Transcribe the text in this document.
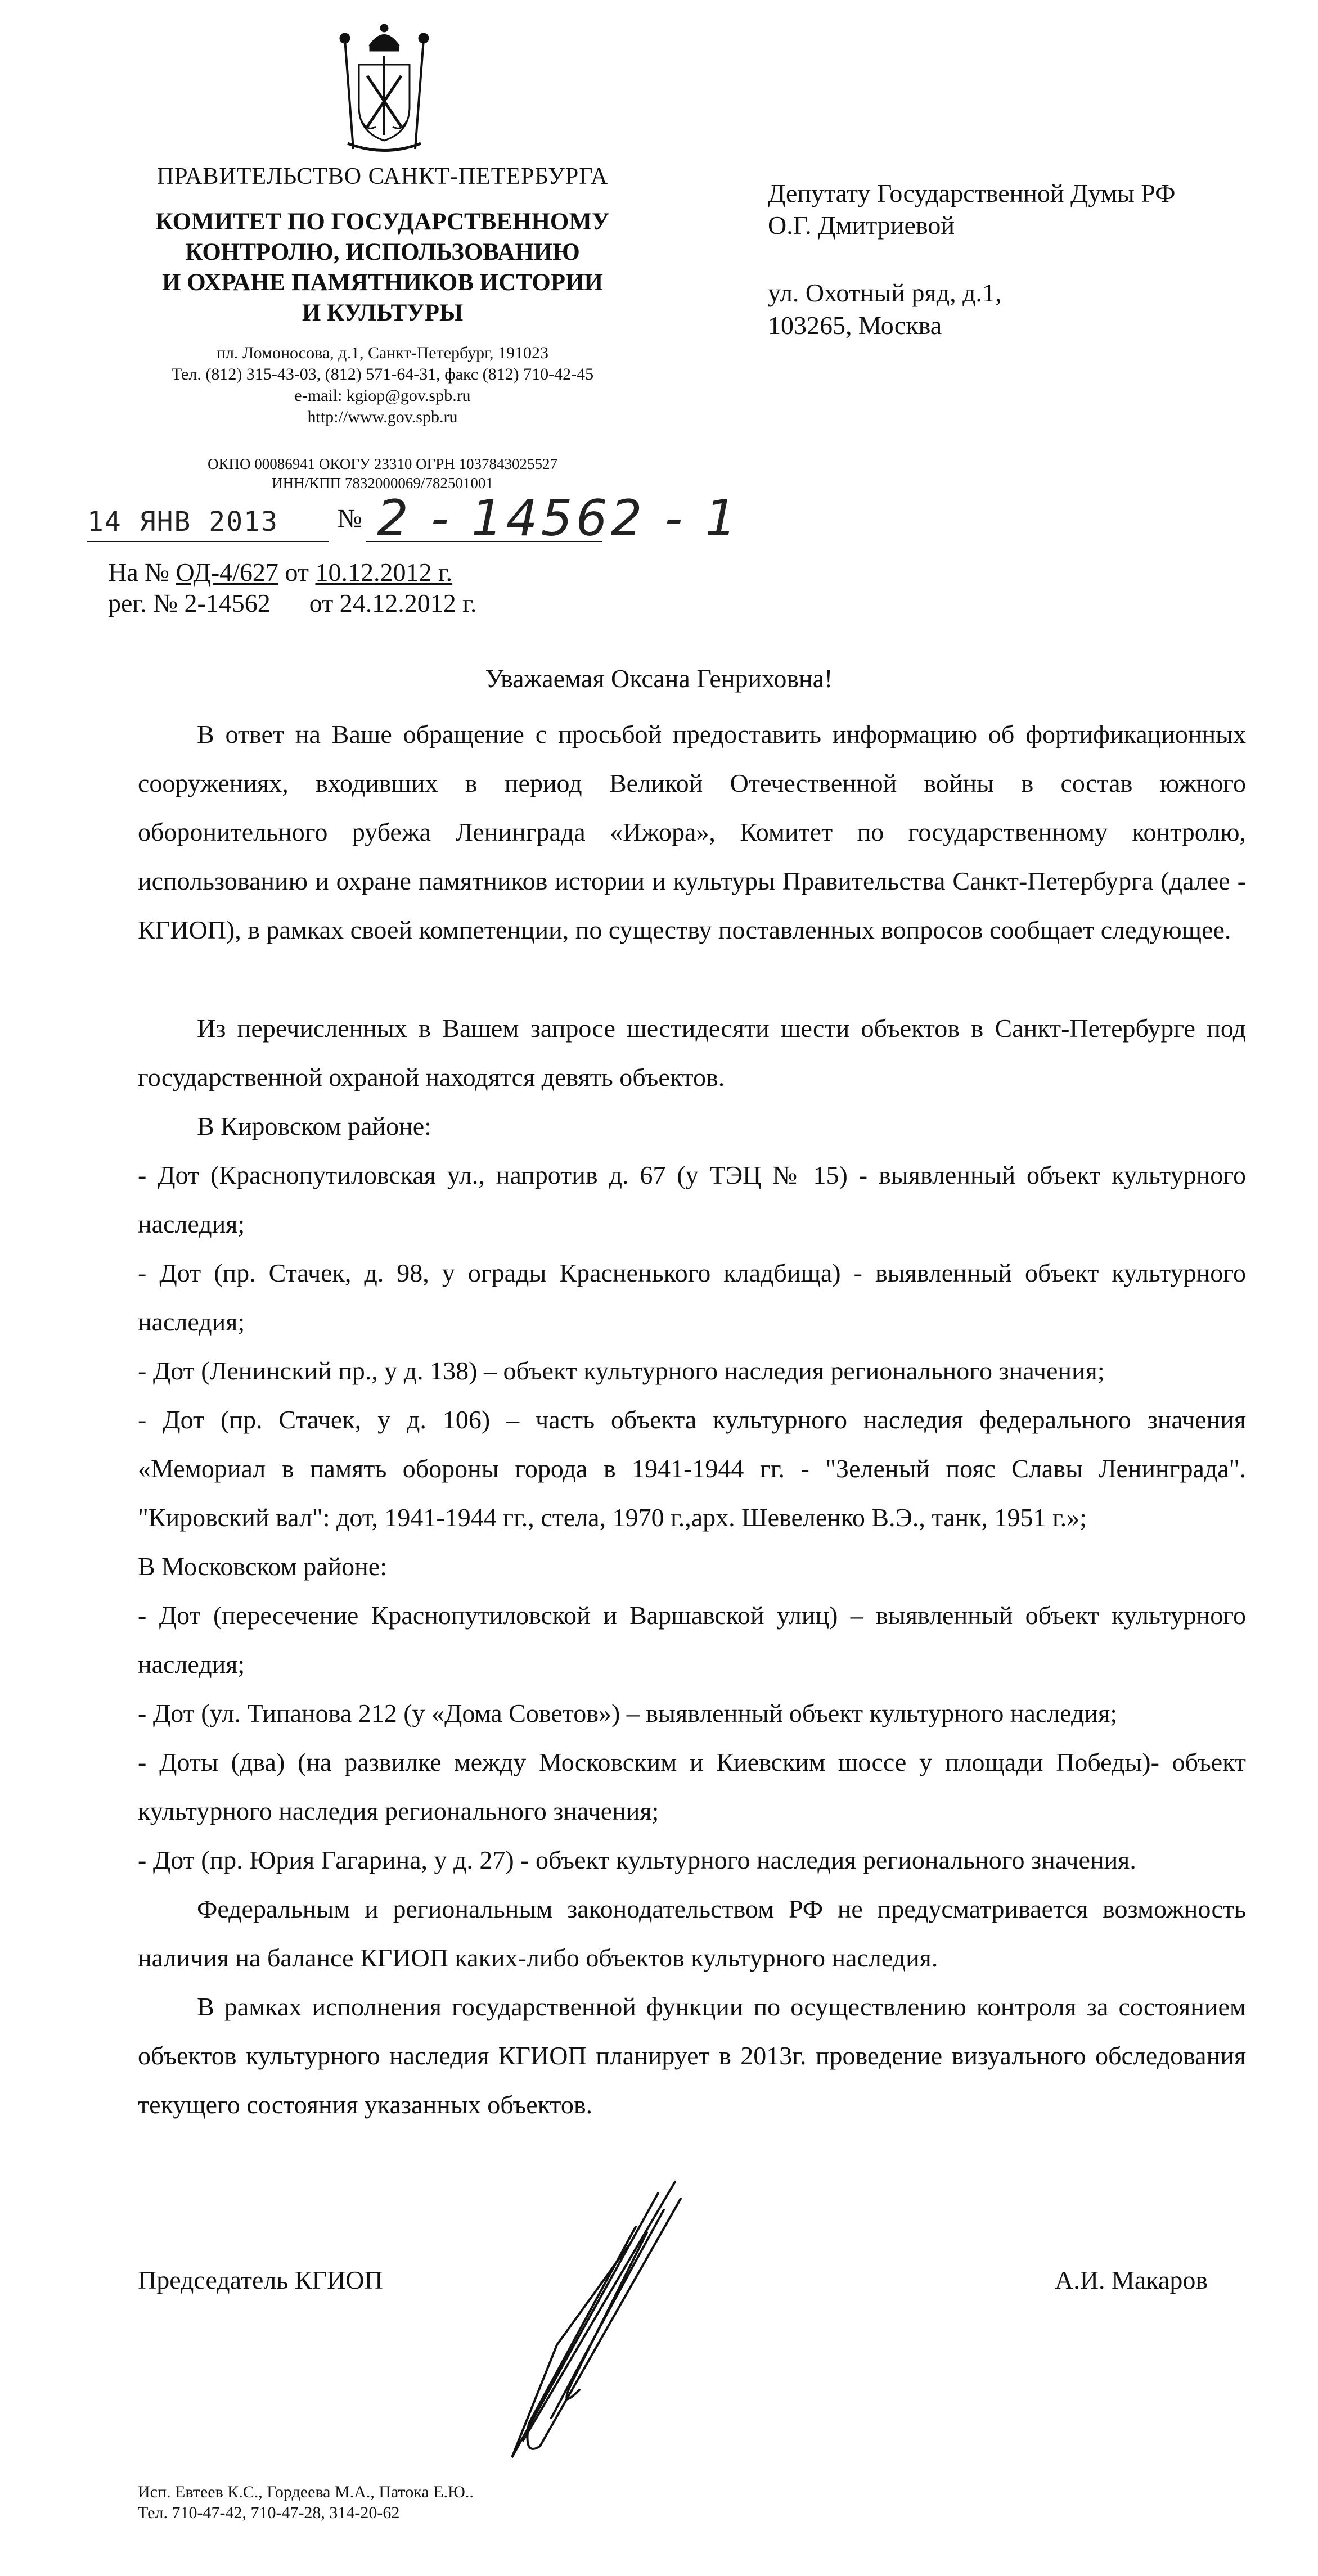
ПРАВИТЕЛЬСТВО САНКТ-ПЕТЕРБУРГА
КОМИТЕТ ПО ГОСУДАРСТВЕННОМУ
КОНТРОЛЮ, ИСПОЛЬЗОВАНИЮ
И ОХРАНЕ ПАМЯТНИКОВ ИСТОРИИ
И КУЛЬТУРЫ
пл. Ломоносова, д.1, Санкт-Петербург, 191023
Тел. (812) 315-43-03, (812) 571-64-31, факс (812) 710-42-45
e-mail: kgiop@gov.spb.ru
http://www.gov.spb.ru
ОКПО 00086941 ОКОГУ 23310 ОГРН 1037843025527
ИНН/КПП 7832000069/782501001
Депутату Государственной Думы РФ
О.Г. Дмитриевой
ул. Охотный ряд, д.1,
103265, Москва
14 ЯНВ 2013 № 2 - 14562 - 1
На № ОД-4/627 от 10.12.2012 г.
рег. № 2-14562      от 24.12.2012 г.
Уважаемая Оксана Генриховна!
В ответ на Ваше обращение с просьбой предоставить информацию об фортификационных сооружениях, входивших в период Великой Отечественной войны в состав южного оборонительного рубежа Ленинграда «Ижора», Комитет по государственному контролю, использованию и охране памятников истории и культуры Правительства Санкт-Петербурга (далее - КГИОП), в рамках своей компетенции, по существу поставленных вопросов сообщает следующее.
Из перечисленных в Вашем запросе шестидесяти шести объектов в Санкт-Петербурге под государственной охраной находятся девять объектов.
В Кировском районе:
- Дот (Краснопутиловская ул., напротив д. 67 (у ТЭЦ № 15) - выявленный объект культурного наследия;
- Дот (пр. Стачек, д. 98, у ограды Красненького кладбища) - выявленный объект культурного наследия;
- Дот (Ленинский пр., у д. 138) – объект культурного наследия регионального значения;
- Дот (пр. Стачек, у д. 106) – часть объекта культурного наследия федерального значения «Мемориал в память обороны города в 1941-1944 гг. - "Зеленый пояс Славы Ленинграда". "Кировский вал": дот, 1941-1944 гг., стела, 1970 г.,арх. Шевеленко В.Э., танк, 1951 г.»;
В Московском районе:
- Дот (пересечение Краснопутиловской и Варшавской улиц) – выявленный объект культурного наследия;
- Дот (ул. Типанова 212 (у «Дома Советов») – выявленный объект культурного наследия;
- Доты (два) (на развилке между Московским и Киевским шоссе у площади Победы)- объект культурного наследия регионального значения;
- Дот (пр. Юрия Гагарина, у д. 27) - объект культурного наследия регионального значения.
Федеральным и региональным законодательством РФ не предусматривается возможность наличия на балансе КГИОП каких-либо объектов культурного наследия.
В рамках исполнения государственной функции по осуществлению контроля за состоянием объектов культурного наследия КГИОП планирует в 2013г. проведение визуального обследования текущего состояния указанных объектов.
Председатель КГИОП	А.И. Макаров
Исп. Евтеев К.С., Гордеева М.А., Патока Е.Ю..
Тел. 710-47-42, 710-47-28, 314-20-62
